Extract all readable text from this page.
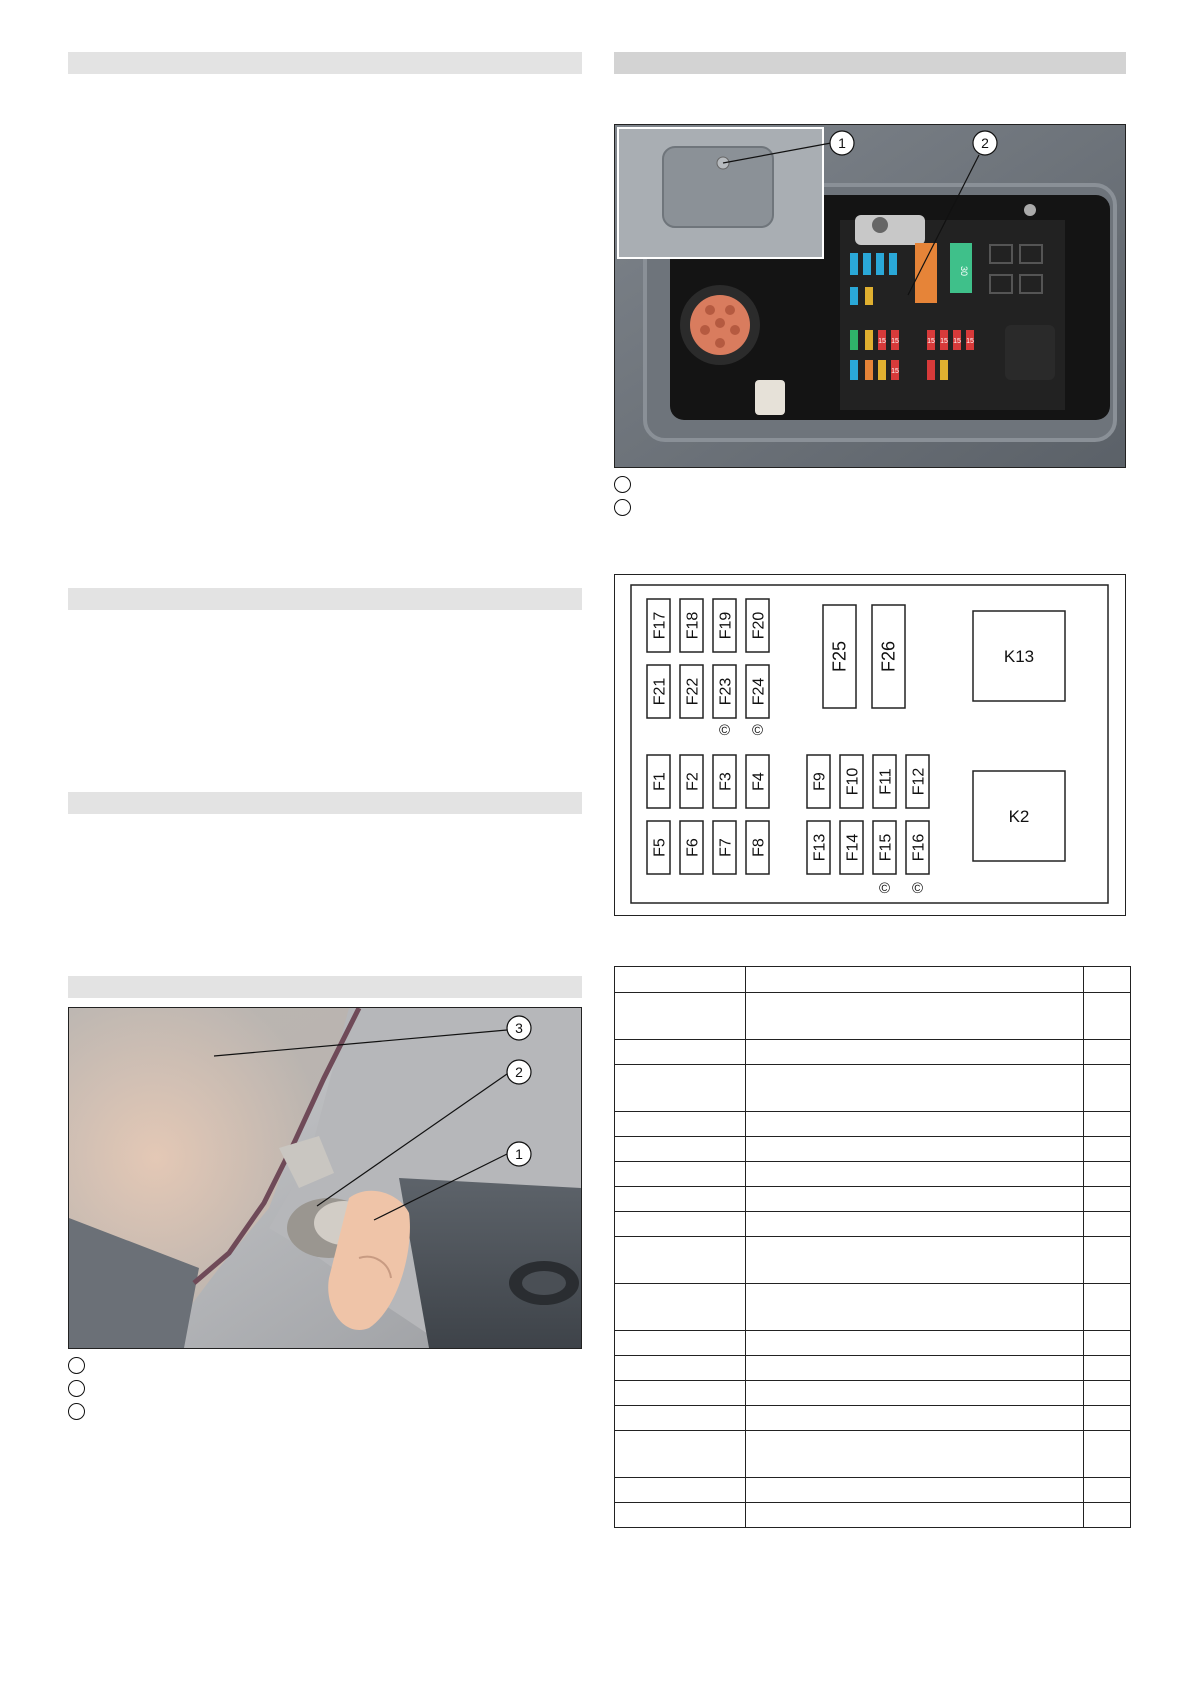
3
2
1
30
15 15	15 15 15 15
15
1	2
F17 F18 F19 F20
F21 F22 F23 F24
© ©
F25 F26	K13
K2
F1 F2 F3 F4
F5 F6 F7 F8
F9 F10 F11 F12
F13 F14 F15 F16
© ©
